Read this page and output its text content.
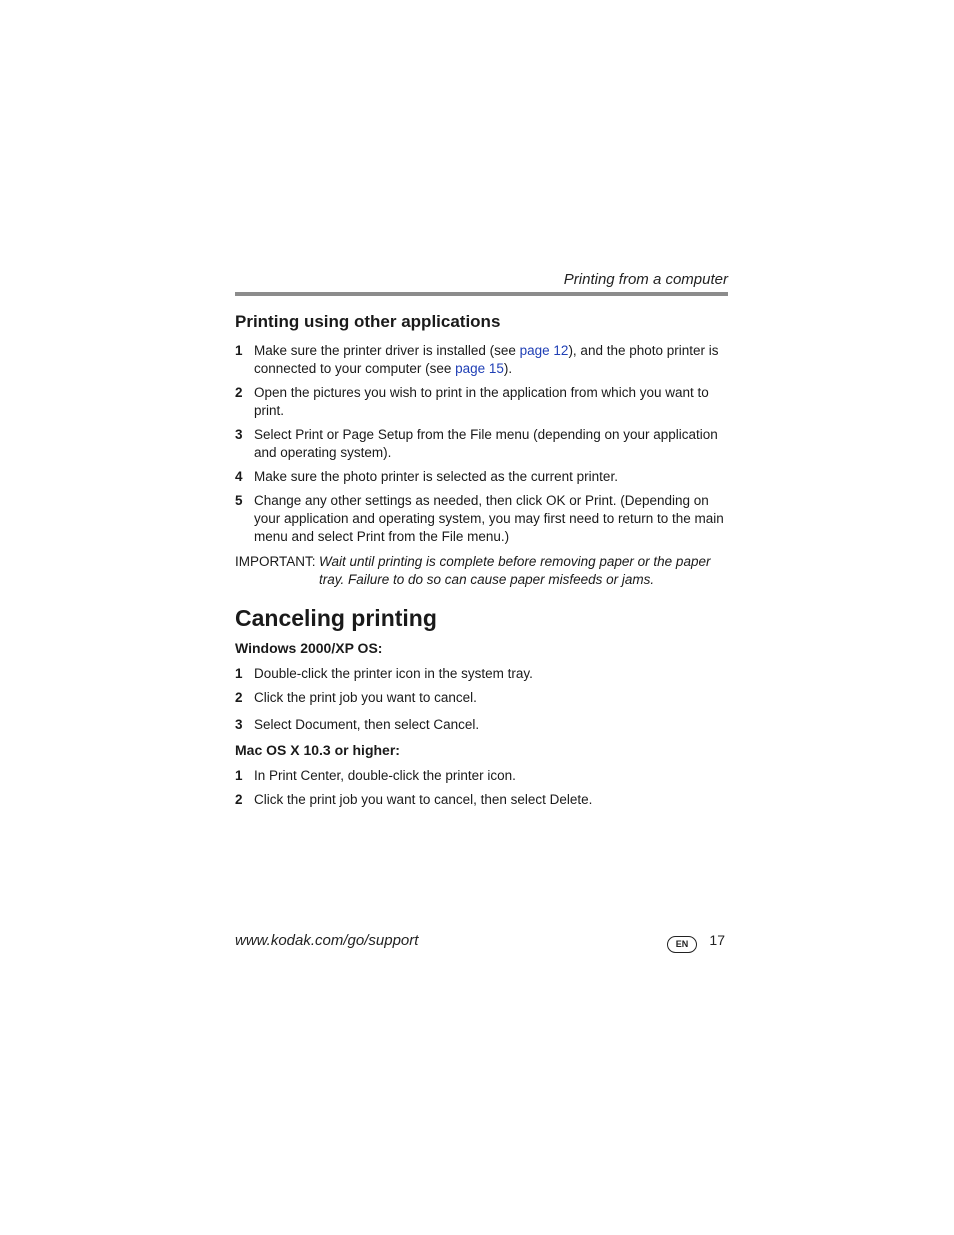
Printing from a computer
Printing using other applications
1 Make sure the printer driver is installed (see page 12), and the photo printer is connected to your computer (see page 15).
2 Open the pictures you wish to print in the application from which you want to print.
3 Select Print or Page Setup from the File menu (depending on your application and operating system).
4 Make sure the photo printer is selected as the current printer.
5 Change any other settings as needed, then click OK or Print. (Depending on your application and operating system, you may first need to return to the main menu and select Print from the File menu.)
IMPORTANT: Wait until printing is complete before removing paper or the paper tray. Failure to do so can cause paper misfeeds or jams.
Canceling printing
Windows 2000/XP OS:
1 Double-click the printer icon in the system tray.
2 Click the print job you want to cancel.
3 Select Document, then select Cancel.
Mac OS X 10.3 or higher:
1 In Print Center, double-click the printer icon.
2 Click the print job you want to cancel, then select Delete.
www.kodak.com/go/support	EN	17
